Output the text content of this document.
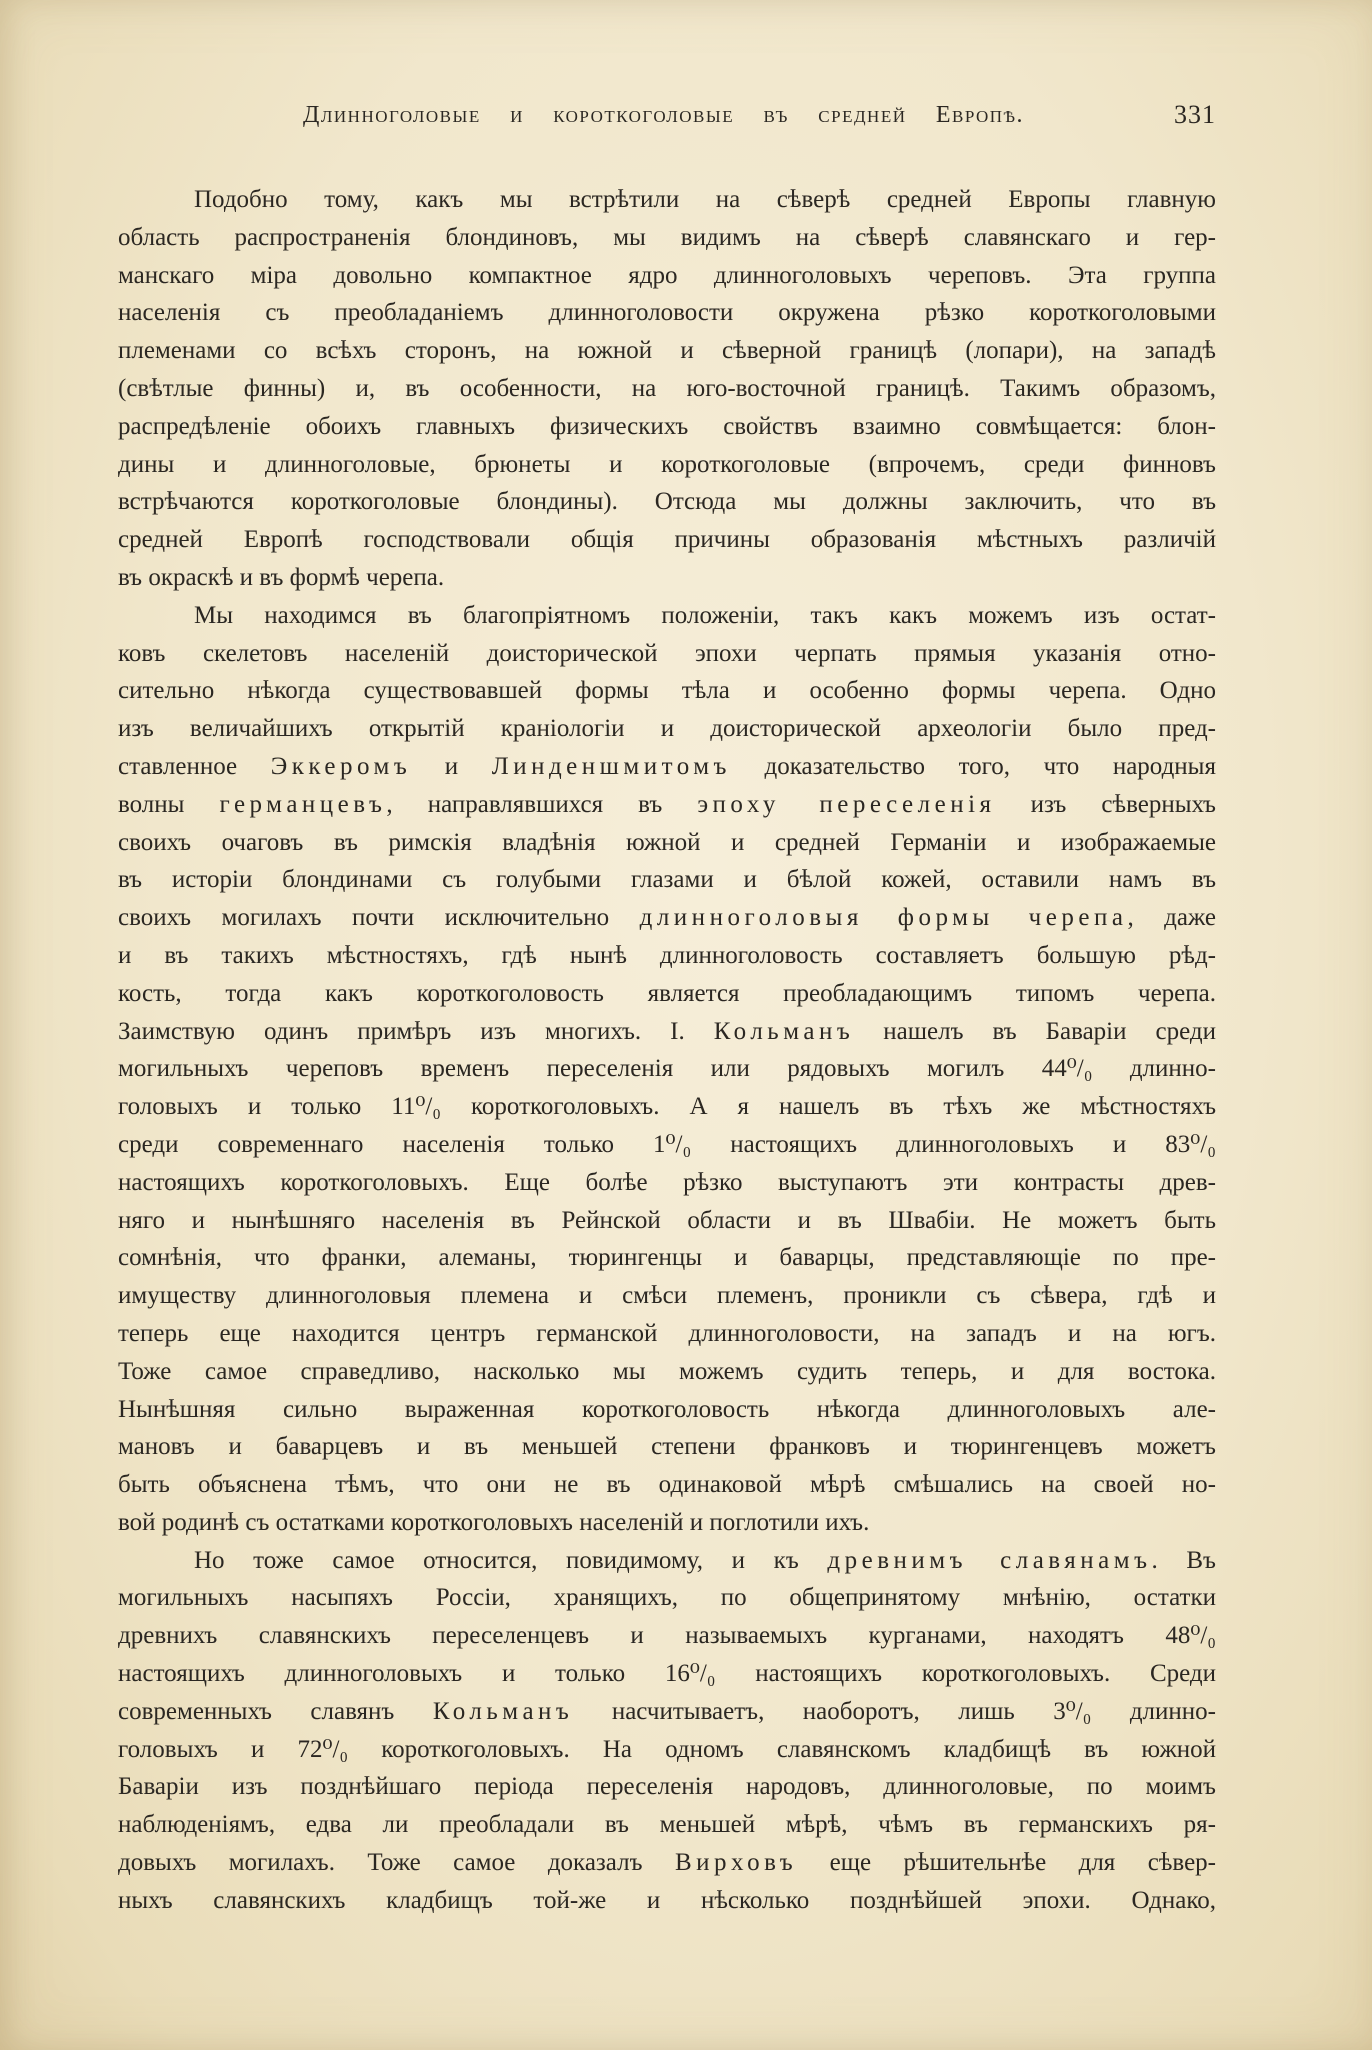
Длинноголовые и короткоголовые въ средней Европѣ.	331
Подобно тому, какъ мы встрѣтили на сѣверѣ средней Европы главную
область распространенія блондиновъ, мы видимъ на сѣверѣ славянскаго и гер-
манскаго міра довольно компактное ядро длинноголовыхъ череповъ. Эта группа
населенія съ преобладаніемъ длинноголовости окружена рѣзко короткоголовыми
племенами со всѣхъ сторонъ, на южной и сѣверной границѣ (лопари), на западѣ
(свѣтлые финны) и, въ особенности, на юго-восточной границѣ. Такимъ образомъ,
распредѣленіе обоихъ главныхъ физическихъ свойствъ взаимно совмѣщается: блон-
дины и длинноголовые, брюнеты и короткоголовые (впрочемъ, среди финновъ
встрѣчаются короткоголовые блондины). Отсюда мы должны заключить, что въ
средней Европѣ господствовали общія причины образованія мѣстныхъ различій
въ окраскѣ и въ формѣ черепа.
Мы находимся въ благопріятномъ положеніи, такъ какъ можемъ изъ остат-
ковъ скелетовъ населеній доисторической эпохи черпать прямыя указанія отно-
сительно нѣкогда существовавшей формы тѣла и особенно формы черепа. Одно
изъ величайшихъ открытій краніологіи и доисторической археологіи было пред-
ставленное Эккеромъ и Линденшмитомъ доказательство того, что народныя
волны германцевъ, направлявшихся въ эпоху переселенія изъ сѣверныхъ
своихъ очаговъ въ римскія владѣнія южной и средней Германіи и изображаемые
въ исторіи блондинами съ голубыми глазами и бѣлой кожей, оставили намъ въ
своихъ могилахъ почти исключительно длинноголовыя формы черепа, даже
и въ такихъ мѣстностяхъ, гдѣ нынѣ длинноголовость составляетъ большую рѣд-
кость, тогда какъ короткоголовость является преобладающимъ типомъ черепа.
Заимствую одинъ примѣръ изъ многихъ. I. Кольманъ нашелъ въ Баваріи среди
могильныхъ череповъ временъ переселенія или рядовыхъ могилъ 44⁰/₀ длинно-
головыхъ и только 11⁰/₀ короткоголовыхъ. А я нашелъ въ тѣхъ же мѣстностяхъ
среди современнаго населенія только 1⁰/₀ настоящихъ длинноголовыхъ и 83⁰/₀
настоящихъ короткоголовыхъ. Еще болѣе рѣзко выступаютъ эти контрасты древ-
няго и нынѣшняго населенія въ Рейнской области и въ Швабіи. Не можетъ быть
сомнѣнія, что франки, алеманы, тюрингенцы и баварцы, представляющіе по пре-
имуществу длинноголовыя племена и смѣси племенъ, проникли съ сѣвера, гдѣ и
теперь еще находится центръ германской длинноголовости, на западъ и на югъ.
Тоже самое справедливо, насколько мы можемъ судить теперь, и для востока.
Нынѣшняя сильно выраженная короткоголовость нѣкогда длинноголовыхъ але-
мановъ и баварцевъ и въ меньшей степени франковъ и тюрингенцевъ можетъ
быть объяснена тѣмъ, что они не въ одинаковой мѣрѣ смѣшались на своей но-
вой родинѣ съ остатками короткоголовыхъ населеній и поглотили ихъ.
Но тоже самое относится, повидимому, и къ древнимъ славянамъ. Въ
могильныхъ насыпяхъ Россіи, хранящихъ, по общепринятому мнѣнію, остатки
древнихъ славянскихъ переселенцевъ и называемыхъ курганами, находятъ 48⁰/₀
настоящихъ длинноголовыхъ и только 16⁰/₀ настоящихъ короткоголовыхъ. Среди
современныхъ славянъ Кольманъ насчитываетъ, наоборотъ, лишь 3⁰/₀ длинно-
головыхъ и 72⁰/₀ короткоголовыхъ. На одномъ славянскомъ кладбищѣ въ южной
Баваріи изъ позднѣйшаго періода переселенія народовъ, длинноголовые, по моимъ
наблюденіямъ, едва ли преобладали въ меньшей мѣрѣ, чѣмъ въ германскихъ ря-
довыхъ могилахъ. Тоже самое доказалъ Вирховъ еще рѣшительнѣе для сѣвер-
ныхъ славянскихъ кладбищъ той-же и нѣсколько позднѣйшей эпохи. Однако,
